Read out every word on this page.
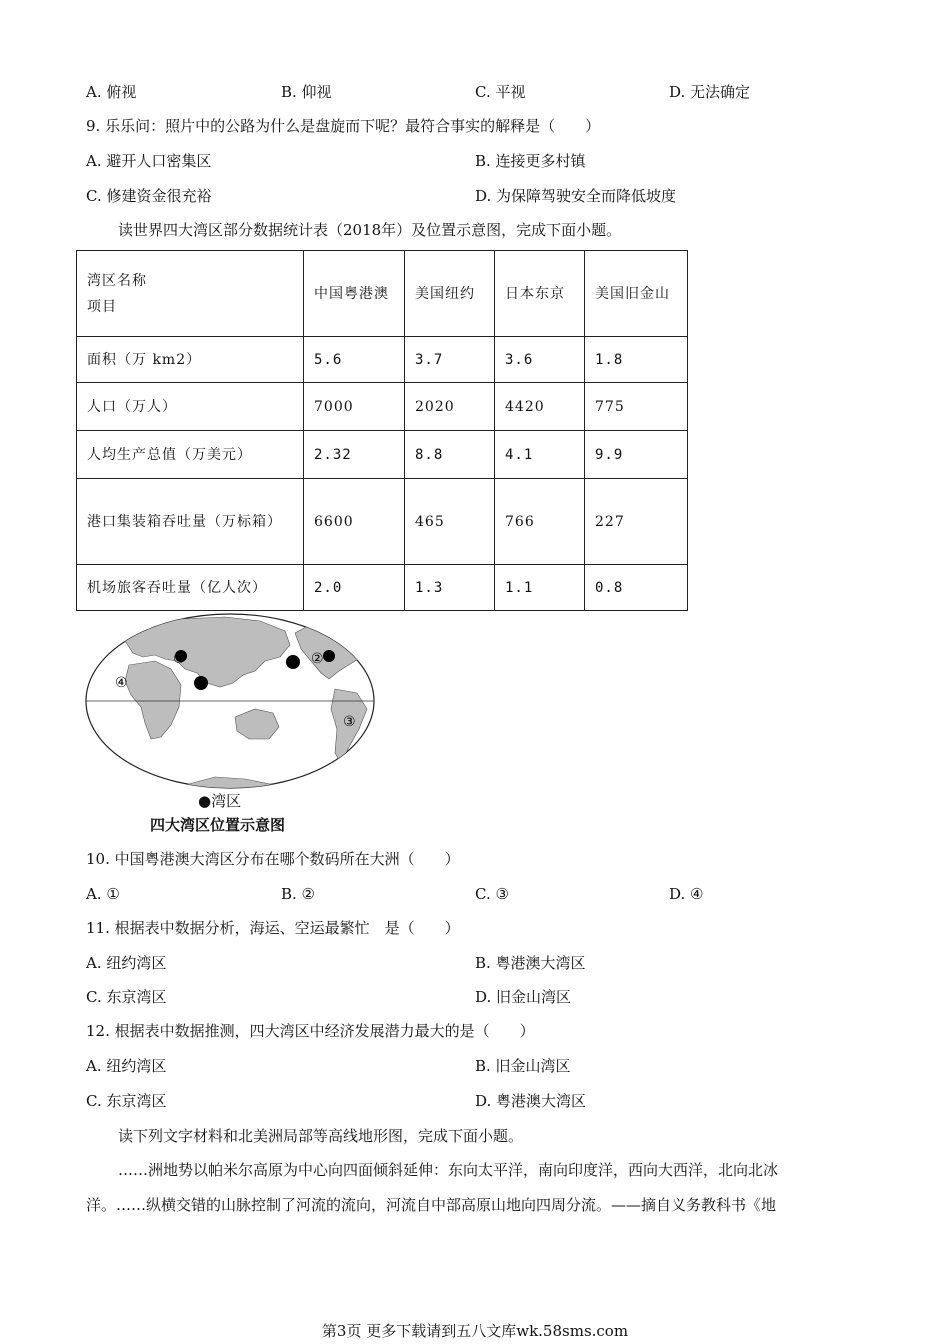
A. 俯视	B. 仰视	C. 平视	D. 无法确定
9. 乐乐问：照片中的公路为什么是盘旋而下呢？最符合事实的解释是（　　）
A. 避开人口密集区	B. 连接更多村镇
C. 修建资金很充裕	D. 为保障驾驶安全而降低坡度
读世界四大湾区部分数据统计表（2018年）及位置示意图，完成下面小题。
湾区名称
项目	中国粤港澳	美国纽约	日本东京	美国旧金山
面积（万 km2）	5.6	3.7	3.6	1.8
人口（万人）	7000	2020	4420	775
人均生产总值（万美元）	2.32	8.8	4.1	9.9
港口集装箱吞吐量（万标箱）	6600	465	766	227
机场旅客吞吐量（亿人次）	2.0	1.3	1.1	0.8
①	②
③
④
●湾区
四大湾区位置示意图
10. 中国粤港澳大湾区分布在哪个数码所在大洲（　　）
A. ①	B. ②	C. ③	D. ④
11. 根据表中数据分析，海运、空运最繁忙　是（　　）
A. 纽约湾区	B. 粤港澳大湾区
C. 东京湾区	D. 旧金山湾区
12. 根据表中数据推测，四大湾区中经济发展潜力最大的是（　　）
A. 纽约湾区	B. 旧金山湾区
C. 东京湾区	D. 粤港澳大湾区
读下列文字材料和北美洲局部等高线地形图，完成下面小题。
……洲地势以帕米尔高原为中心向四面倾斜延伸：东向太平洋，南向印度洋，西向大西洋，北向北冰
洋。……纵横交错的山脉控制了河流的流向，河流自中部高原山地向四周分流。——摘自义务教科书《地
第3页 更多下载请到五八文库wk.58sms.com
